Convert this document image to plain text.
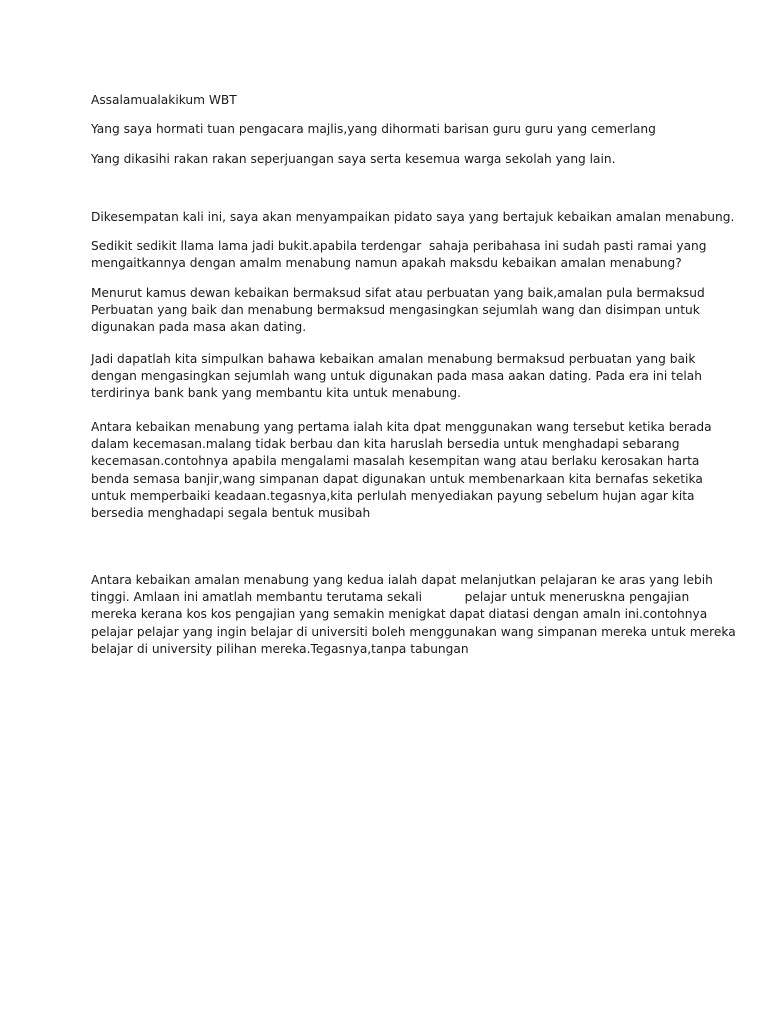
Assalamualakikum WBT

Yang saya hormati tuan pengacara majlis,yang dihormati barisan guru guru yang cemerlang

Yang dikasihi rakan rakan seperjuangan saya serta kesemua warga sekolah yang lain.

Dikesempatan kali ini, saya akan menyampaikan pidato saya yang bertajuk kebaikan amalan menabung.

Sedikit sedikit llama lama jadi bukit.apabila terdengar  sahaja peribahasa ini sudah pasti ramai yang
mengaitkannya dengan amalm menabung namun apakah maksdu kebaikan amalan menabung?

Menurut kamus dewan kebaikan bermaksud sifat atau perbuatan yang baik,amalan pula bermaksud
Perbuatan yang baik dan menabung bermaksud mengasingkan sejumlah wang dan disimpan untuk
digunakan pada masa akan dating.

Jadi dapatlah kita simpulkan bahawa kebaikan amalan menabung bermaksud perbuatan yang baik
dengan mengasingkan sejumlah wang untuk digunakan pada masa aakan dating. Pada era ini telah
terdirinya bank bank yang membantu kita untuk menabung.

Antara kebaikan menabung yang pertama ialah kita dpat menggunakan wang tersebut ketika berada
dalam kecemasan.malang tidak berbau dan kita haruslah bersedia untuk menghadapi sebarang
kecemasan.contohnya apabila mengalami masalah kesempitan wang atau berlaku kerosakan harta
benda semasa banjir,wang simpanan dapat digunakan untuk membenarkaan kita bernafas seketika
untuk memperbaiki keadaan.tegasnya,kita perlulah menyediakan payung sebelum hujan agar kita
bersedia menghadapi segala bentuk musibah

Antara kebaikan amalan menabung yang kedua ialah dapat melanjutkan pelajaran ke aras yang lebih
tinggi. Amlaan ini amatlah membantu terutama sekali           pelajar untuk meneruskna pengajian
mereka kerana kos kos pengajian yang semakin menigkat dapat diatasi dengan amaln ini.contohnya
pelajar pelajar yang ingin belajar di universiti boleh menggunakan wang simpanan mereka untuk mereka
belajar di university pilihan mereka.Tegasnya,tanpa tabungan
